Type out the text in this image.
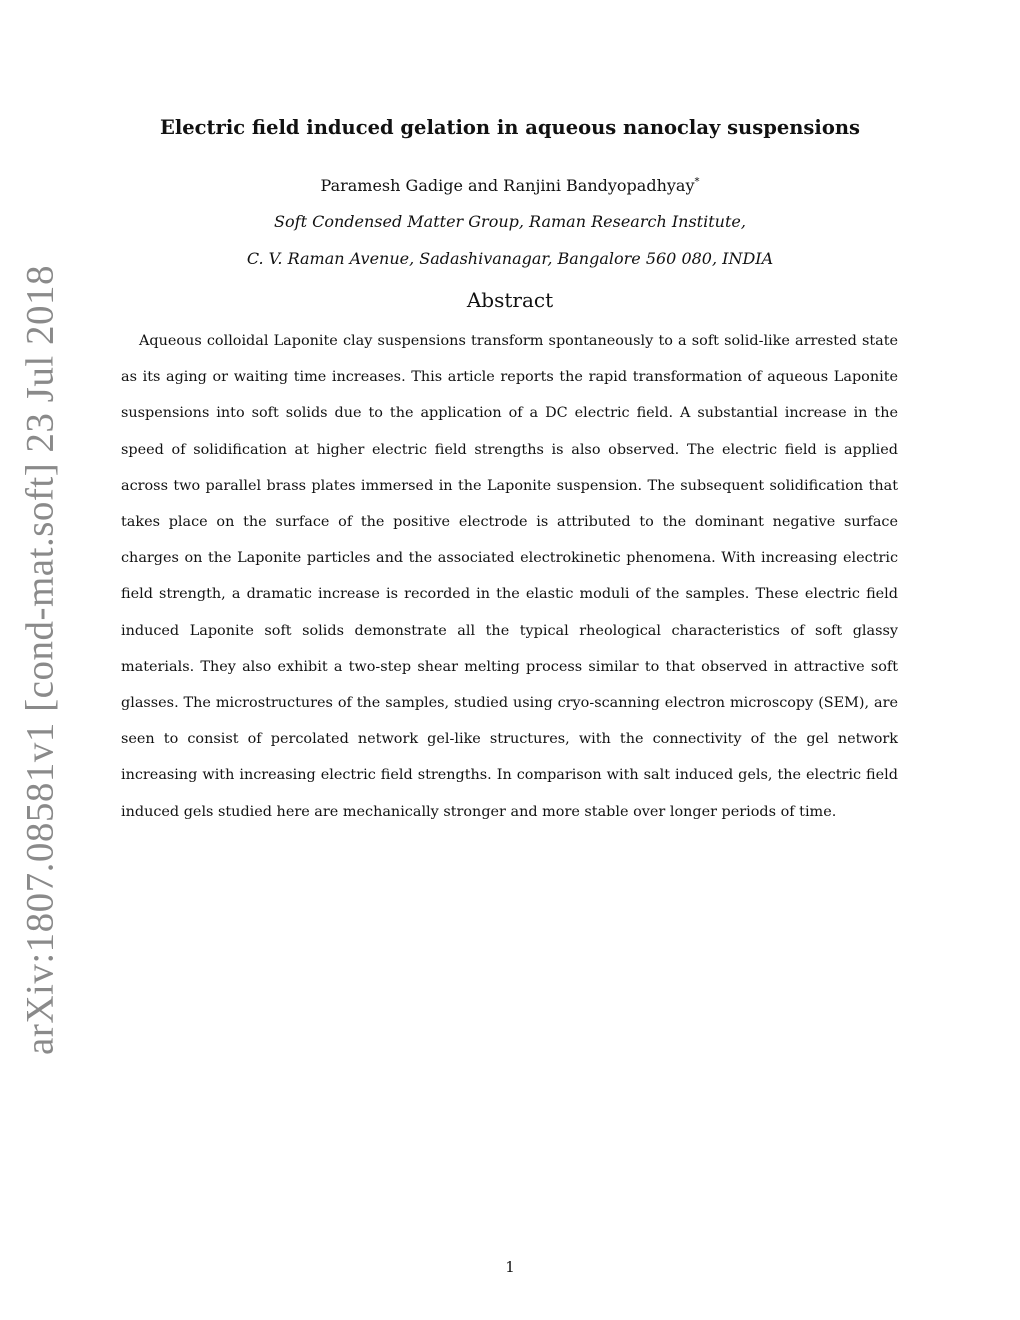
arXiv:1807.08581v1 [cond-mat.soft] 23 Jul 2018
Electric field induced gelation in aqueous nanoclay suspensions
Paramesh Gadige and Ranjini Bandyopadhyay*
Soft Condensed Matter Group, Raman Research Institute,
C. V. Raman Avenue, Sadashivanagar, Bangalore 560 080, INDIA
Abstract
Aqueous colloidal Laponite clay suspensions transform spontaneously to a soft solid-like arrested state as its aging or waiting time increases. This article reports the rapid transformation of aqueous Laponite suspensions into soft solids due to the application of a DC electric field. A substantial increase in the speed of solidification at higher electric field strengths is also observed. The electric field is applied across two parallel brass plates immersed in the Laponite suspension. The subsequent solidification that takes place on the surface of the positive electrode is attributed to the dominant negative surface charges on the Laponite particles and the associated electrokinetic phenomena. With increasing electric field strength, a dramatic increase is recorded in the elastic moduli of the samples. These electric field induced Laponite soft solids demonstrate all the typical rheological characteristics of soft glassy materials. They also exhibit a two-step shear melting process similar to that observed in attractive soft glasses. The microstructures of the samples, studied using cryo-scanning electron microscopy (SEM), are seen to consist of percolated network gel-like structures, with the connectivity of the gel network increasing with increasing electric field strengths. In comparison with salt induced gels, the electric field induced gels studied here are mechanically stronger and more stable over longer periods of time.
1
